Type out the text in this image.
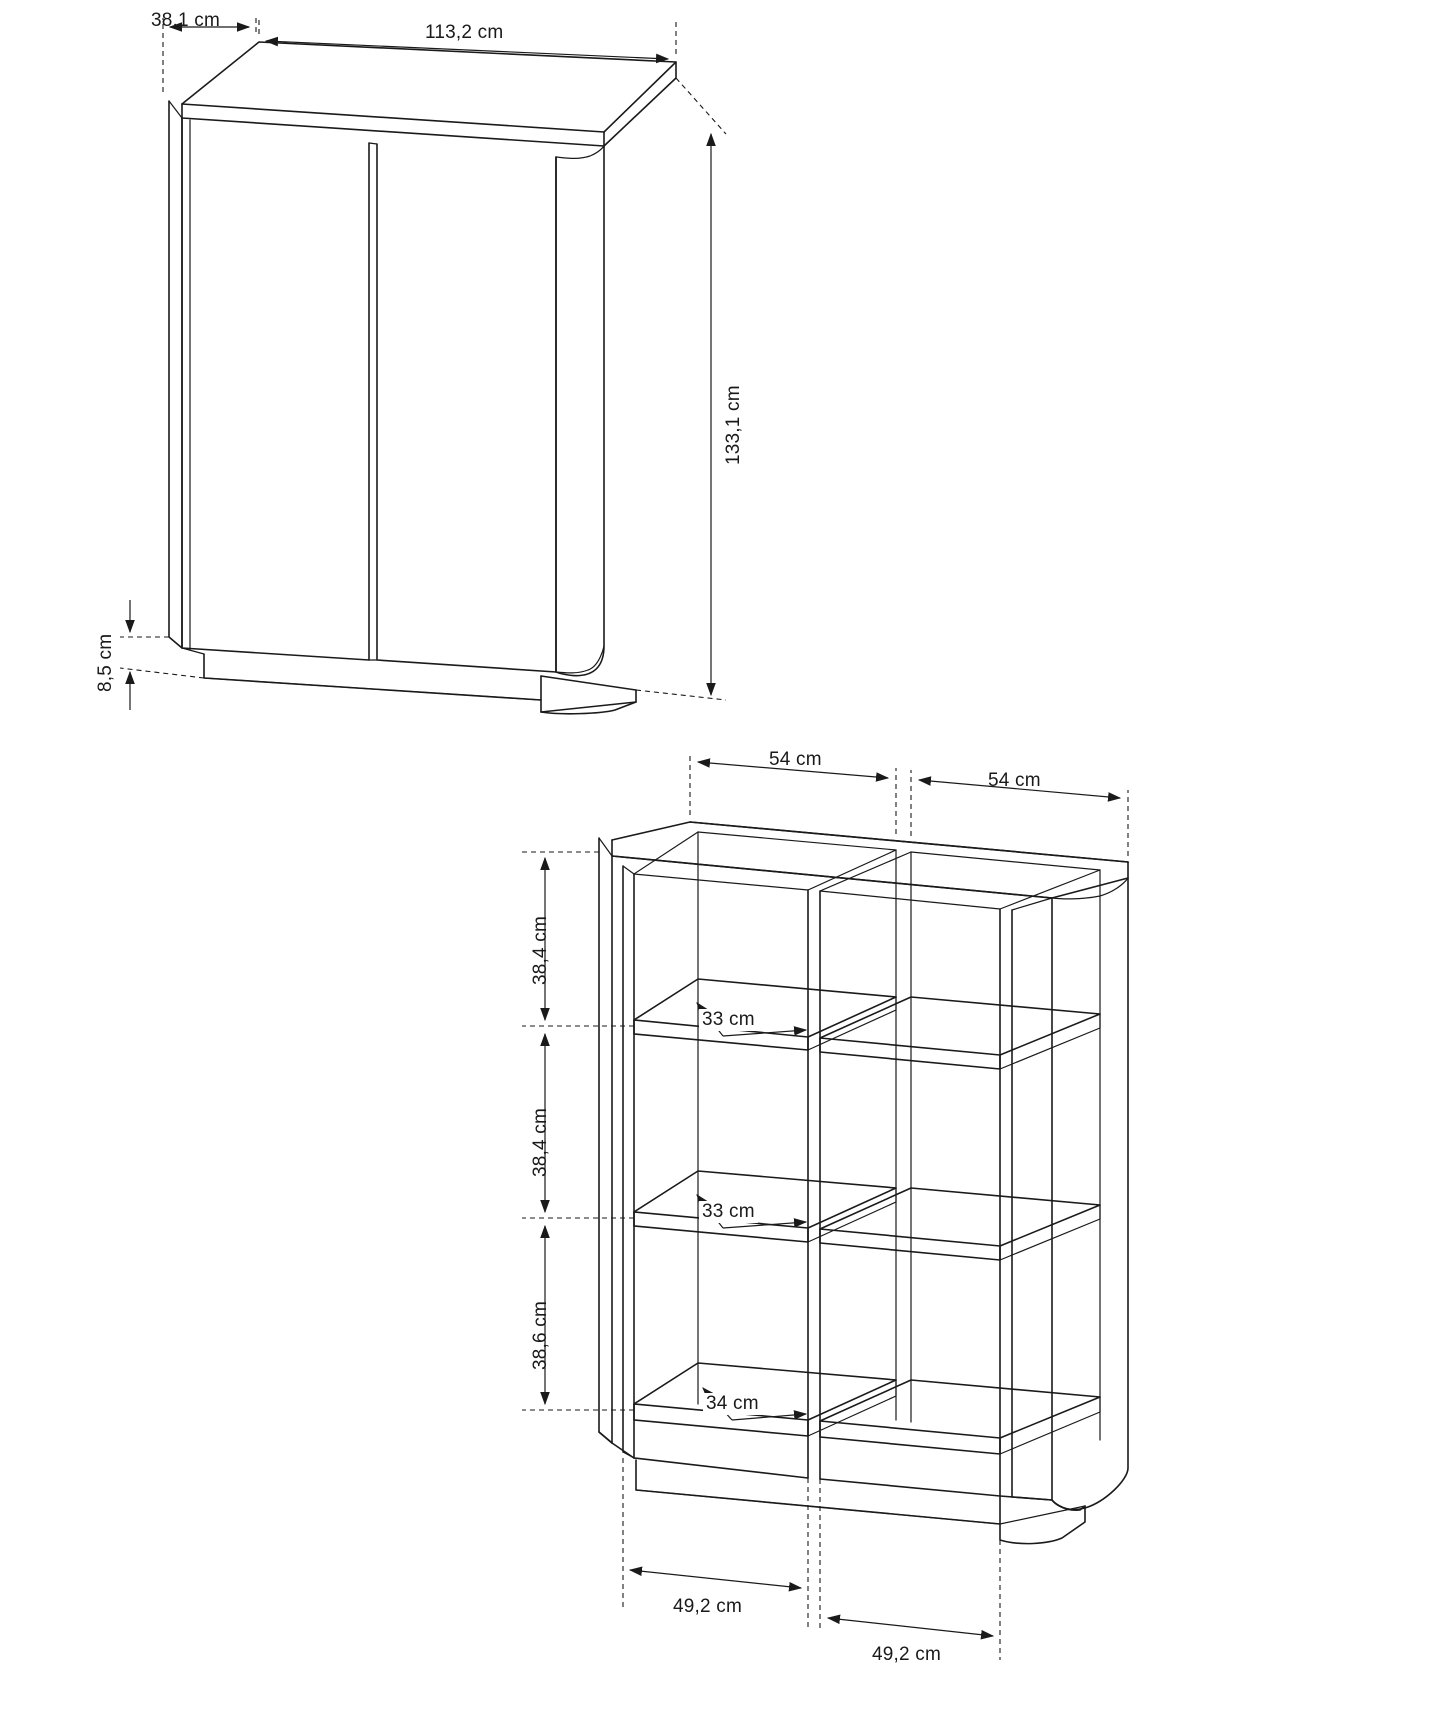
38,1 cm
113,2 cm
133,1 cm
8,5 cm
54 cm
54 cm
38,4 cm
38,4 cm
38,6 cm
33 cm
33 cm
34 cm
49,2 cm
49,2 cm
